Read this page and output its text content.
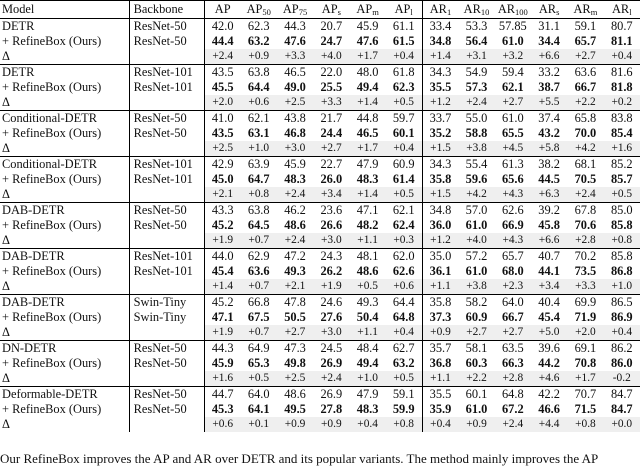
Model	Backbone	AP	$AP_{50}$	$AP_{75}$	$AP_s$	$AP_m$	$AP_l$	$AR_1$	$AR_{10}$	$AR_{100}$	$AR_s$	$AR_m$	$AR_l$
DETR	ResNet-50	42.0	62.3	44.3	20.7	45.9	61.1	33.4	53.3	57.85	31.1	59.1	80.7
+ RefineBox (Ours)	ResNet-50	44.4	63.2	47.6	24.7	47.6	61.5	34.8	56.4	61.0	34.4	65.7	81.1
Δ		+2.4	+0.9	+3.3	+4.0	+1.7	+0.4	+1.4	+3.1	+3.2	+6.6	+2.7	+0.4
DETR	ResNet-101	43.5	63.8	46.5	22.0	48.0	61.8	34.3	54.9	59.4	33.2	63.6	81.6
+ RefineBox (Ours)	ResNet-101	45.5	64.4	49.0	25.5	49.4	62.3	35.5	57.3	62.1	38.7	66.7	81.8
Δ		+2.0	+0.6	+2.5	+3.3	+1.4	+0.5	+1.2	+2.4	+2.7	+5.5	+2.2	+0.2
Conditional-DETR	ResNet-50	41.0	62.1	43.8	21.7	44.8	59.7	33.7	55.0	61.0	37.4	65.8	83.8
+ RefineBox (Ours)	ResNet-50	43.5	63.1	46.8	24.4	46.5	60.1	35.2	58.8	65.5	43.2	70.0	85.4
Δ		+2.5	+1.0	+3.0	+2.7	+1.7	+0.4	+1.5	+3.8	+4.5	+5.8	+4.2	+1.6
Conditional-DETR	ResNet-101	42.9	63.9	45.9	22.7	47.9	60.9	34.3	55.4	61.3	38.2	68.1	85.2
+ RefineBox (Ours)	ResNet-101	45.0	64.7	48.3	26.0	48.3	61.4	35.8	59.6	65.6	44.5	70.5	85.7
Δ		+2.1	+0.8	+2.4	+3.4	+1.4	+0.5	+1.5	+4.2	+4.3	+6.3	+2.4	+0.5
DAB-DETR	ResNet-50	43.3	63.8	46.2	23.6	47.1	62.1	34.8	57.0	62.6	39.2	67.8	85.0
+ RefineBox (Ours)	ResNet-50	45.2	64.5	48.6	26.6	48.2	62.4	36.0	61.0	66.9	45.8	70.6	85.8
Δ		+1.9	+0.7	+2.4	+3.0	+1.1	+0.3	+1.2	+4.0	+4.3	+6.6	+2.8	+0.8
DAB-DETR	ResNet-101	44.0	62.9	47.2	24.3	48.1	62.0	35.0	57.2	65.7	40.7	70.2	85.8
+ RefineBox (Ours)	ResNet-101	45.4	63.6	49.3	26.2	48.6	62.6	36.1	61.0	68.0	44.1	73.5	86.8
Δ		+1.4	+0.7	+2.1	+1.9	+0.5	+0.6	+1.1	+3.8	+2.3	+3.4	+3.3	+1.0
DAB-DETR	Swin-Tiny	45.2	66.8	47.8	24.6	49.3	64.4	35.8	58.2	64.0	40.4	69.9	86.5
+ RefineBox (Ours)	Swin-Tiny	47.1	67.5	50.5	27.6	50.4	64.8	37.3	60.9	66.7	45.4	71.9	86.9
Δ		+1.9	+0.7	+2.7	+3.0	+1.1	+0.4	+0.9	+2.7	+2.7	+5.0	+2.0	+0.4
DN-DETR	ResNet-50	44.3	64.9	47.3	24.5	48.4	62.7	35.7	58.1	63.5	39.6	69.1	86.2
+ RefineBox (Ours)	ResNet-50	45.9	65.3	49.8	26.9	49.4	63.2	36.8	60.3	66.3	44.2	70.8	86.0
Δ		+1.6	+0.5	+2.5	+2.4	+1.0	+0.5	+1.1	+2.2	+2.8	+4.6	+1.7	-0.2
Deformable-DETR	ResNet-50	44.7	64.0	48.6	26.9	47.9	59.1	35.5	60.1	64.8	42.2	70.7	84.7
+ RefineBox (Ours)	ResNet-50	45.3	64.1	49.5	27.8	48.3	59.9	35.9	61.0	67.2	46.6	71.5	84.7
Δ		+0.6	+0.1	+0.9	+0.9	+0.4	+0.8	+0.4	+0.9	+2.4	+4.4	+0.8	+0.0
Our RefineBox improves the AP and AR over DETR and its popular variants. The method mainly improves the AP
